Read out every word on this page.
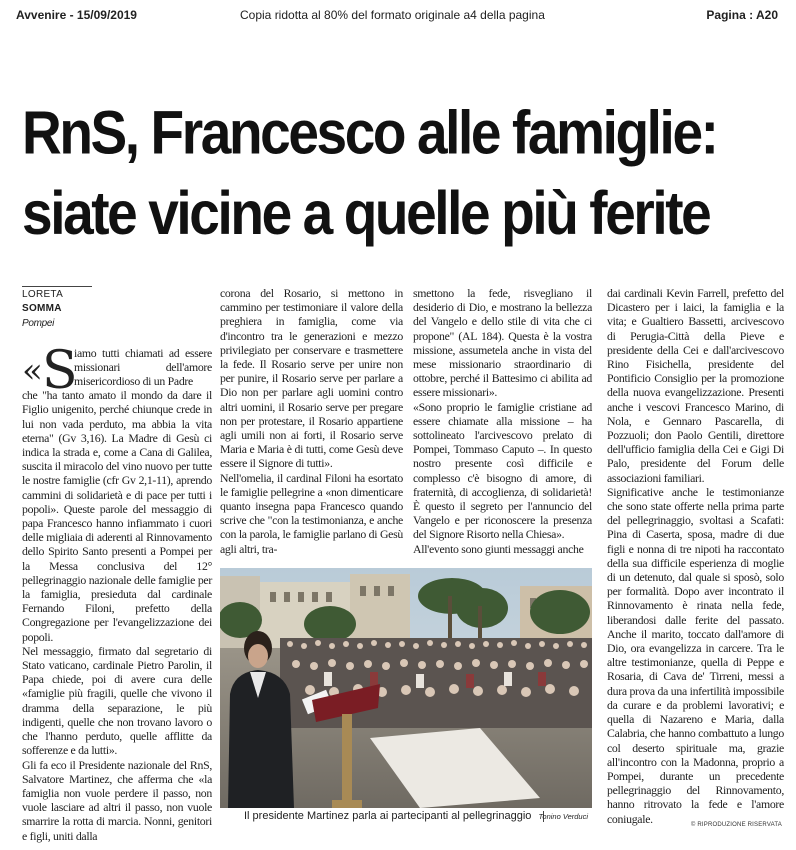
Avvenire - 15/09/2019	Copia ridotta al 80% del formato originale a4 della pagina	Pagina : A20
RnS, Francesco alle famiglie:
siate vicine a quelle più ferite
LORETA SOMMA
Pompei
« S

iamo tutti chiamati ad essere missionari dell'amore misericordioso di un Padre

che "ha tanto amato il mondo da dare il Figlio unigenito, perché chiunque crede in lui non vada perduto, ma abbia la vita eterna" (Gv 3,16). La Madre di Gesù ci indica la strada e, come a Cana di Galilea, suscita il miracolo del vino nuovo per tutte le nostre famiglie (cfr Gv 2,1-11), aprendo cammini di solidarietà e di pace per tutti i popoli». Queste parole del messaggio di papa Francesco hanno infiammato i cuori delle migliaia di aderenti al Rinnovamento dello Spirito Santo presenti a Pompei per la Messa conclusiva del 12° pellegrinaggio nazionale delle famiglie per la famiglia, presieduta dal cardinale Fernando Filoni, prefetto della Congregazione per l'evangelizzazione dei popoli.

Nel messaggio, firmato dal segretario di Stato vaticano, cardinale Pietro Parolin, il Papa chiede, poi di avere cura delle «famiglie più fragili, quelle che vivono il dramma della separazione, le più indigenti, quelle che non trovano lavoro o che l'hanno perduto, quelle afflitte da sofferenze e da lutti».

Gli fa eco il Presidente nazionale del RnS, Salvatore Martinez, che afferma che «la famiglia non vuole perdere il passo, non vuole lasciare ad altri il passo, non vuole smarrire la rotta di marcia. Nonni, genitori e figli, uniti dalla

corona del Rosario, si mettono in cammino per testimoniare il valore della preghiera in famiglia, come via d'incontro tra le generazioni e mezzo privilegiato per conservare e trasmettere la fede. Il Rosario serve per unire non per punire, il Rosario serve per parlare a Dio non per parlare agli uomini contro altri uomini, il Rosario serve per pregare non per protestare, il Rosario appartiene agli umili non ai forti, il Rosario serve Maria e Maria è di tutti, come Gesù deve essere il Signore di tutti».

Nell'omelia, il cardinal Filoni ha esortato le famiglie pellegrine a «non dimenticare quanto insegna papa Francesco quando scrive che "con la testimonianza, e anche con la parola, le famiglie parlano di Gesù agli altri, tra-

smettono la fede, risvegliano il desiderio di Dio, e mostrano la bellezza del Vangelo e dello stile di vita che ci propone" (AL 184). Questa è la vostra missione, assumetela anche in vista del mese missionario straordinario di ottobre, perché il Battesimo ci abilita ad essere missionari».

«Sono proprio le famiglie cristiane ad essere chiamate alla missione – ha sottolineato l'arcivescovo prelato di Pompei, Tommaso Caputo –. In questo nostro presente così difficile e complesso c'è bisogno di amore, di fraternità, di accoglienza, di solidarietà! È questo il segreto per l'annuncio del Vangelo e per riconoscere la presenza del Signore Risorto nella Chiesa».

All'evento sono giunti messaggi anche

dai cardinali Kevin Farrell, prefetto del Dicastero per i laici, la famiglia e la vita; e Gualtiero Bassetti, arcivescovo di Perugia-Città della Pieve e presidente della Cei e dall'arcivescovo Rino Fisichella, presidente del Pontificio Consiglio per la promozione della nuova evangelizzazione. Presenti anche i vescovi Francesco Marino, di Nola, e Gennaro Pascarella, di Pozzuoli; don Paolo Gentili, direttore dell'ufficio famiglia della Cei e Gigi Di Palo, presidente del Forum delle associazioni familiari.

Significative anche le testimonianze che sono state offerte nella prima parte del pellegrinaggio, svoltasi a Scafati: Pina di Caserta, sposa, madre di due figli e nonna di tre nipoti ha raccontato della sua difficile esperienza di moglie di un detenuto, dal quale si sposò, solo per formalità. Dopo aver incontrato il Rinnovamento è rinata nella fede, liberandosi dalle ferite del passato. Anche il marito, toccato dall'amore di Dio, ora evangelizza in carcere. Tra le altre testimonianze, quella di Peppe e Rosaria, di Cava de' Tirreni, messi a dura prova da una infertilità impossibile da curare e da problemi lavorativi; e quella di Nazareno e Maria, dalla Calabria, che hanno combattuto a lungo col deserto spirituale ma, grazie all'incontro con la Madonna, proprio a Pompei, durante un precedente pellegrinaggio del Rinnovamento, hanno ritrovato la fede e l'amore coniugale.

Il presidente Martinez parla ai partecipanti al pellegrinaggio Tonino Verduci
© RIPRODUZIONE RISERVATA
